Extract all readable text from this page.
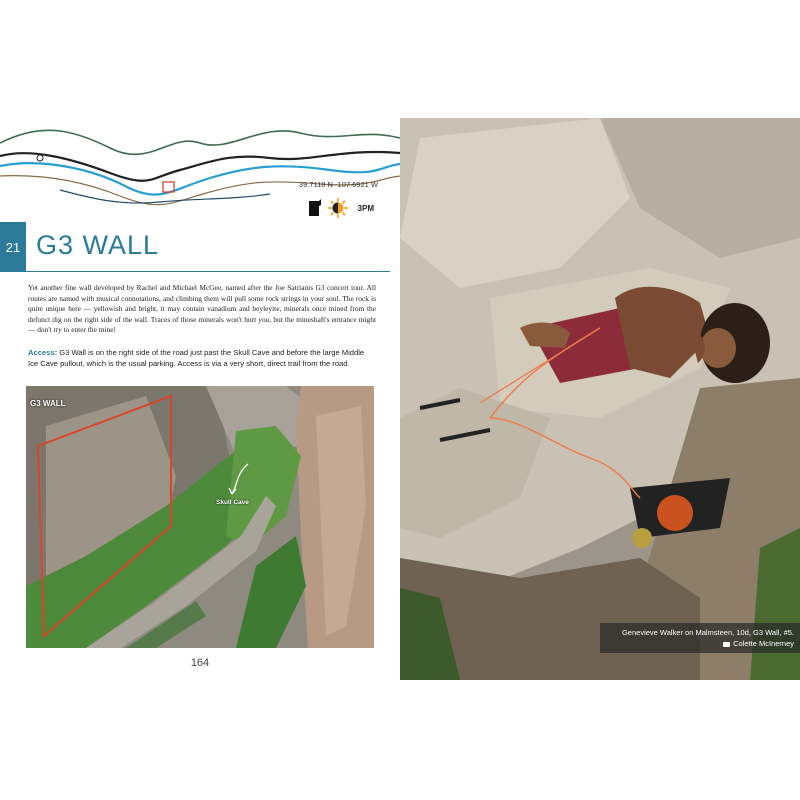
39.7118 N -107.6921 W
3PM
21 G3 WALL

Yet another fine wall developed by Rachel and Michael McGee, named after the Joe Satrianis G3 concert tour. All routes are named with musical connotations, and climbing them will pull some rock strings in your soul. The rock is quite unique here — yellowish and bright, it may contain vanadium and beyleyite, minerals once mined from the defunct dig on the right side of the wall. Traces of those minerals won't hurt you, but the mineshaft's entrance might — don't try to enter the mine!

Access: G3 Wall is on the right side of the road just past the Skull Cave and before the large Middle Ice Cave pullout, which is the usual parking. Access is via a very short, direct trail from the road.

G3 WALL
Skull Cave
164
Genevieve Walker on Malmsteen, 10d, G3 Wall, #5.
Colette McInerney
